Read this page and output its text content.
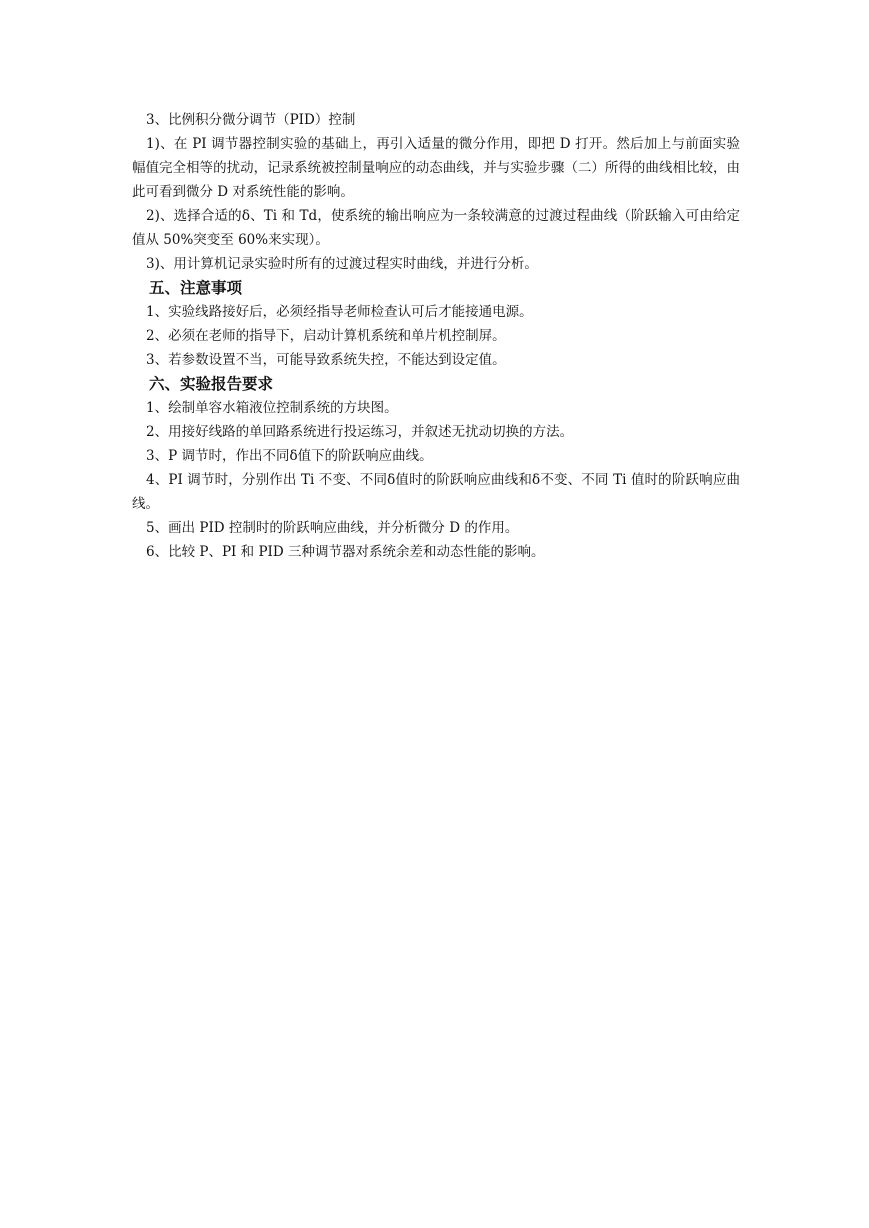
3、比例积分微分调节（PID）控制

1)、在 PI 调节器控制实验的基础上，再引入适量的微分作用，即把 D 打开。然后加上与前面实验幅值完全相等的扰动，记录系统被控制量响应的动态曲线，并与实验步骤（二）所得的曲线相比较，由此可看到微分 D 对系统性能的影响。

2)、选择合适的δ、Ti 和 Td，使系统的输出响应为一条较满意的过渡过程曲线（阶跃输入可由给定值从 50%突变至 60%来实现）。

3)、用计算机记录实验时所有的过渡过程实时曲线，并进行分析。

五、注意事项

1、实验线路接好后，必须经指导老师检查认可后才能接通电源。

2、必须在老师的指导下，启动计算机系统和单片机控制屏。

3、若参数设置不当，可能导致系统失控，不能达到设定值。

六、实验报告要求

1、绘制单容水箱液位控制系统的方块图。

2、用接好线路的单回路系统进行投运练习，并叙述无扰动切换的方法。

3、P 调节时，作出不同δ值下的阶跃响应曲线。

4、PI 调节时，分别作出 Ti 不变、不同δ值时的阶跃响应曲线和δ不变、不同 Ti 值时的阶跃响应曲线。

5、画出 PID 控制时的阶跃响应曲线，并分析微分 D 的作用。

6、比较 P、PI 和 PID 三种调节器对系统余差和动态性能的影响。
